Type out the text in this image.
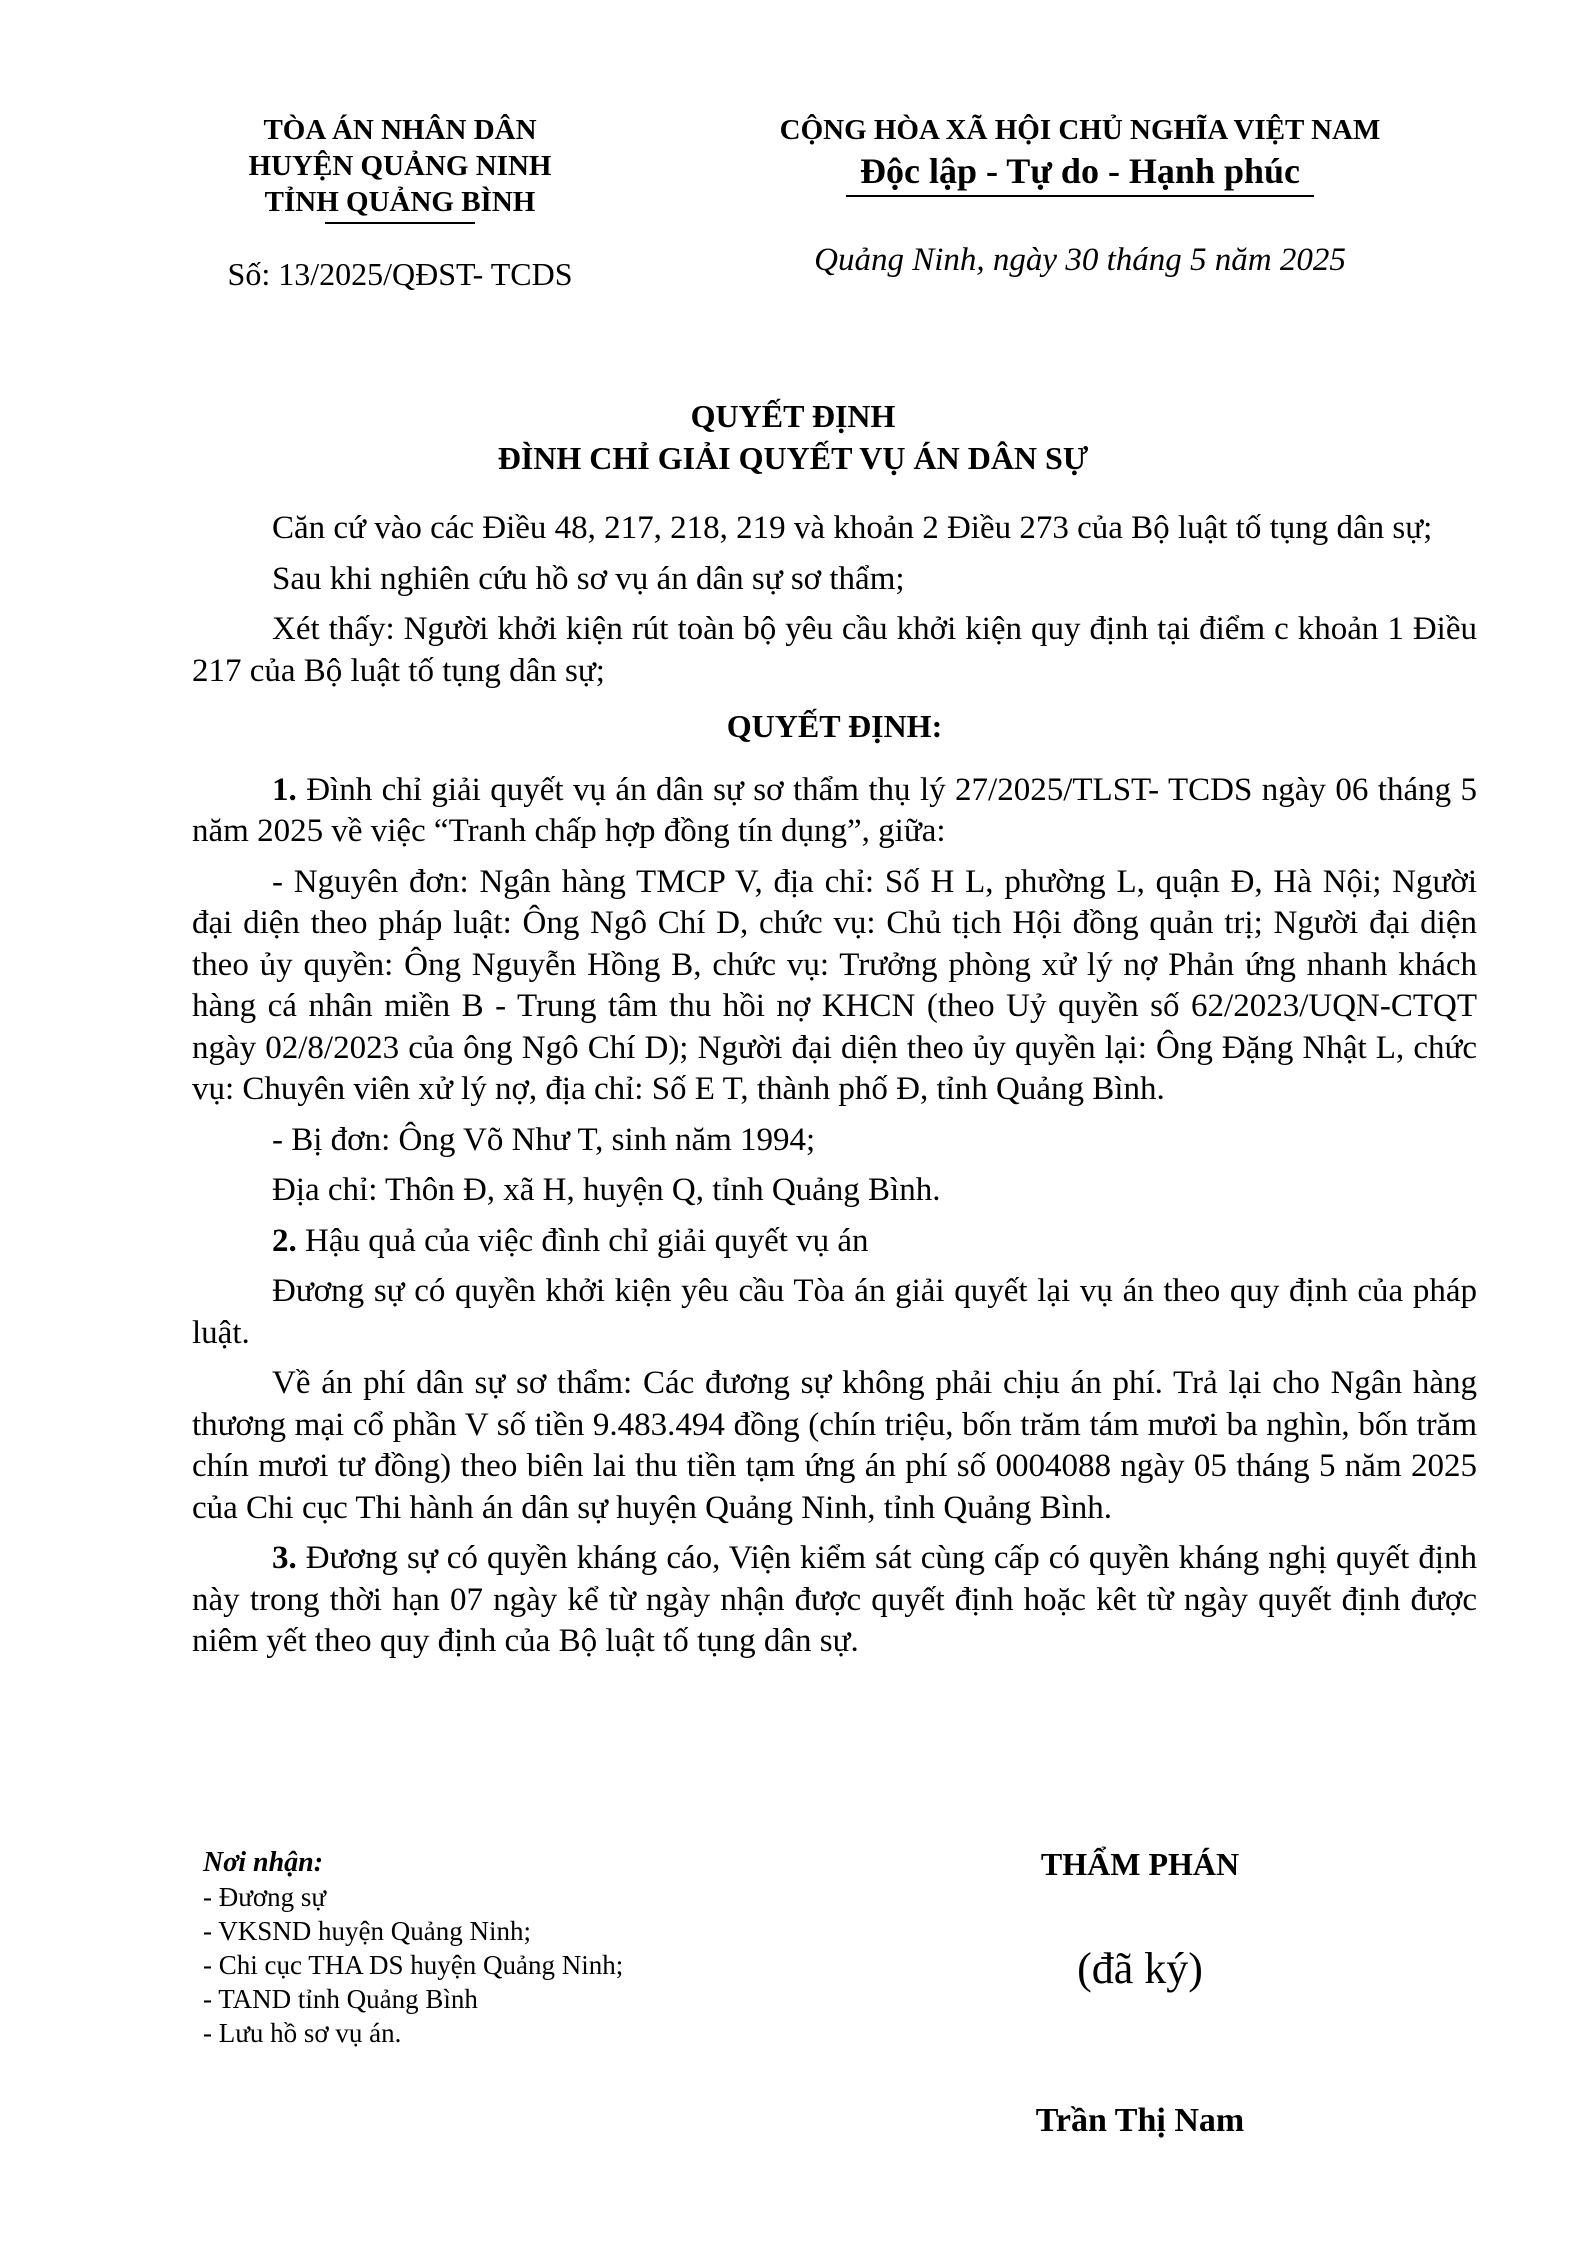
TÒA ÁN NHÂN DÂN
HUYỆN QUẢNG NINH
TỈNH QUẢNG BÌNH
Số: 13/2025/QĐST- TCDS
CỘNG HÒA XÃ HỘI CHỦ NGHĨA VIỆT NAM
Độc lập - Tự do - Hạnh phúc
Quảng Ninh, ngày 30 tháng 5 năm 2025
QUYẾT ĐỊNH
ĐÌNH CHỈ GIẢI QUYẾT VỤ ÁN DÂN SỰ

Căn cứ vào các Điều 48, 217, 218, 219 và khoản 2 Điều 273 của Bộ luật tố tụng dân sự;

Sau khi nghiên cứu hồ sơ vụ án dân sự sơ thẩm;

Xét thấy: Người khởi kiện rút toàn bộ yêu cầu khởi kiện quy định tại điểm c khoản 1 Điều 217 của Bộ luật tố tụng dân sự;

QUYẾT ĐỊNH:

1. Đình chỉ giải quyết vụ án dân sự sơ thẩm thụ lý 27/2025/TLST- TCDS ngày 06 tháng 5 năm 2025 về việc “Tranh chấp hợp đồng tín dụng”, giữa:

- Nguyên đơn: Ngân hàng TMCP V, địa chỉ: Số H L, phường L, quận Đ, Hà Nội; Người đại diện theo pháp luật: Ông Ngô Chí D, chức vụ: Chủ tịch Hội đồng quản trị; Người đại diện theo ủy quyền: Ông Nguyễn Hồng B, chức vụ: Trưởng phòng xử lý nợ Phản ứng nhanh khách hàng cá nhân miền B - Trung tâm thu hồi nợ KHCN (theo Uỷ quyền số 62/2023/UQN-CTQT ngày 02/8/2023 của ông Ngô Chí D); Người đại diện theo ủy quyền lại: Ông Đặng Nhật L, chức vụ: Chuyên viên xử lý nợ, địa chỉ: Số E T, thành phố Đ, tỉnh Quảng Bình.

- Bị đơn: Ông Võ Như T, sinh năm 1994;

Địa chỉ: Thôn Đ, xã H, huyện Q, tỉnh Quảng Bình.

2. Hậu quả của việc đình chỉ giải quyết vụ án

Đương sự có quyền khởi kiện yêu cầu Tòa án giải quyết lại vụ án theo quy định của pháp luật.

Về án phí dân sự sơ thẩm: Các đương sự không phải chịu án phí. Trả lại cho Ngân hàng thương mại cổ phần V số tiền 9.483.494 đồng (chín triệu, bốn trăm tám mươi ba nghìn, bốn trăm chín mươi tư đồng) theo biên lai thu tiền tạm ứng án phí số 0004088 ngày 05 tháng 5 năm 2025 của Chi cục Thi hành án dân sự huyện Quảng Ninh, tỉnh Quảng Bình.

3. Đương sự có quyền kháng cáo, Viện kiểm sát cùng cấp có quyền kháng nghị quyết định này trong thời hạn 07 ngày kể từ ngày nhận được quyết định hoặc kêt từ ngày quyết định được niêm yết theo quy định của Bộ luật tố tụng dân sự.

Nơi nhận:
- Đương sự
- VKSND huyện Quảng Ninh;
- Chi cục THA DS huyện Quảng Ninh;
- TAND tỉnh Quảng Bình
- Lưu hồ sơ vụ án.
THẨM PHÁN
(đã ký)
Trần Thị Nam
